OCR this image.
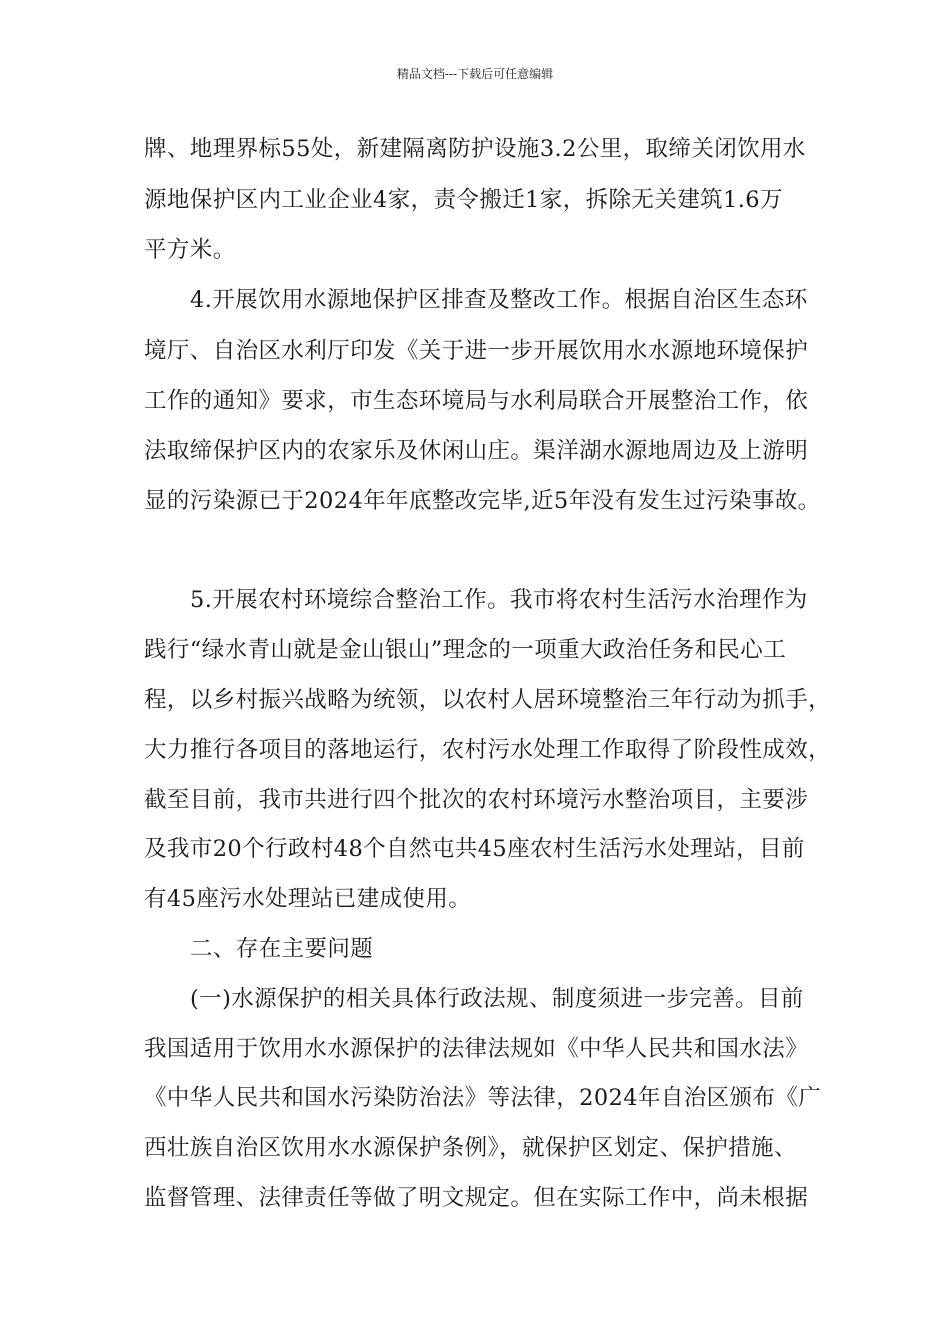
精品文档---下载后可任意编辑
牌、地理界标55处，新建隔离防护设施3.2公里，取缔关闭饮用水
源地保护区内工业企业4家，责令搬迁1家，拆除无关建筑1.6万
平方米。
4.开展饮用水源地保护区排查及整改工作。根据自治区生态环
境厅、自治区水利厅印发《关于进一步开展饮用水水源地环境保护
工作的通知》要求，市生态环境局与水利局联合开展整治工作，依
法取缔保护区内的农家乐及休闲山庄。渠洋湖水源地周边及上游明
显的污染源已于2024年年底整改完毕,近5年没有发生过污染事故。
5.开展农村环境综合整治工作。我市将农村生活污水治理作为
践行“绿水青山就是金山银山”理念的一项重大政治任务和民心工
程，以乡村振兴战略为统领，以农村人居环境整治三年行动为抓手，
大力推行各项目的落地运行，农村污水处理工作取得了阶段性成效，
截至目前，我市共进行四个批次的农村环境污水整治项目，主要涉
及我市20个行政村48个自然屯共45座农村生活污水处理站，目前
有45座污水处理站已建成使用。
二、存在主要问题
(一)水源保护的相关具体行政法规、制度须进一步完善。目前
我国适用于饮用水水源保护的法律法规如《中华人民共和国水法》
《中华人民共和国水污染防治法》等法律，2024年自治区颁布《广
西壮族自治区饮用水水源保护条例》，就保护区划定、保护措施、
监督管理、法律责任等做了明文规定。但在实际工作中，尚未根据
